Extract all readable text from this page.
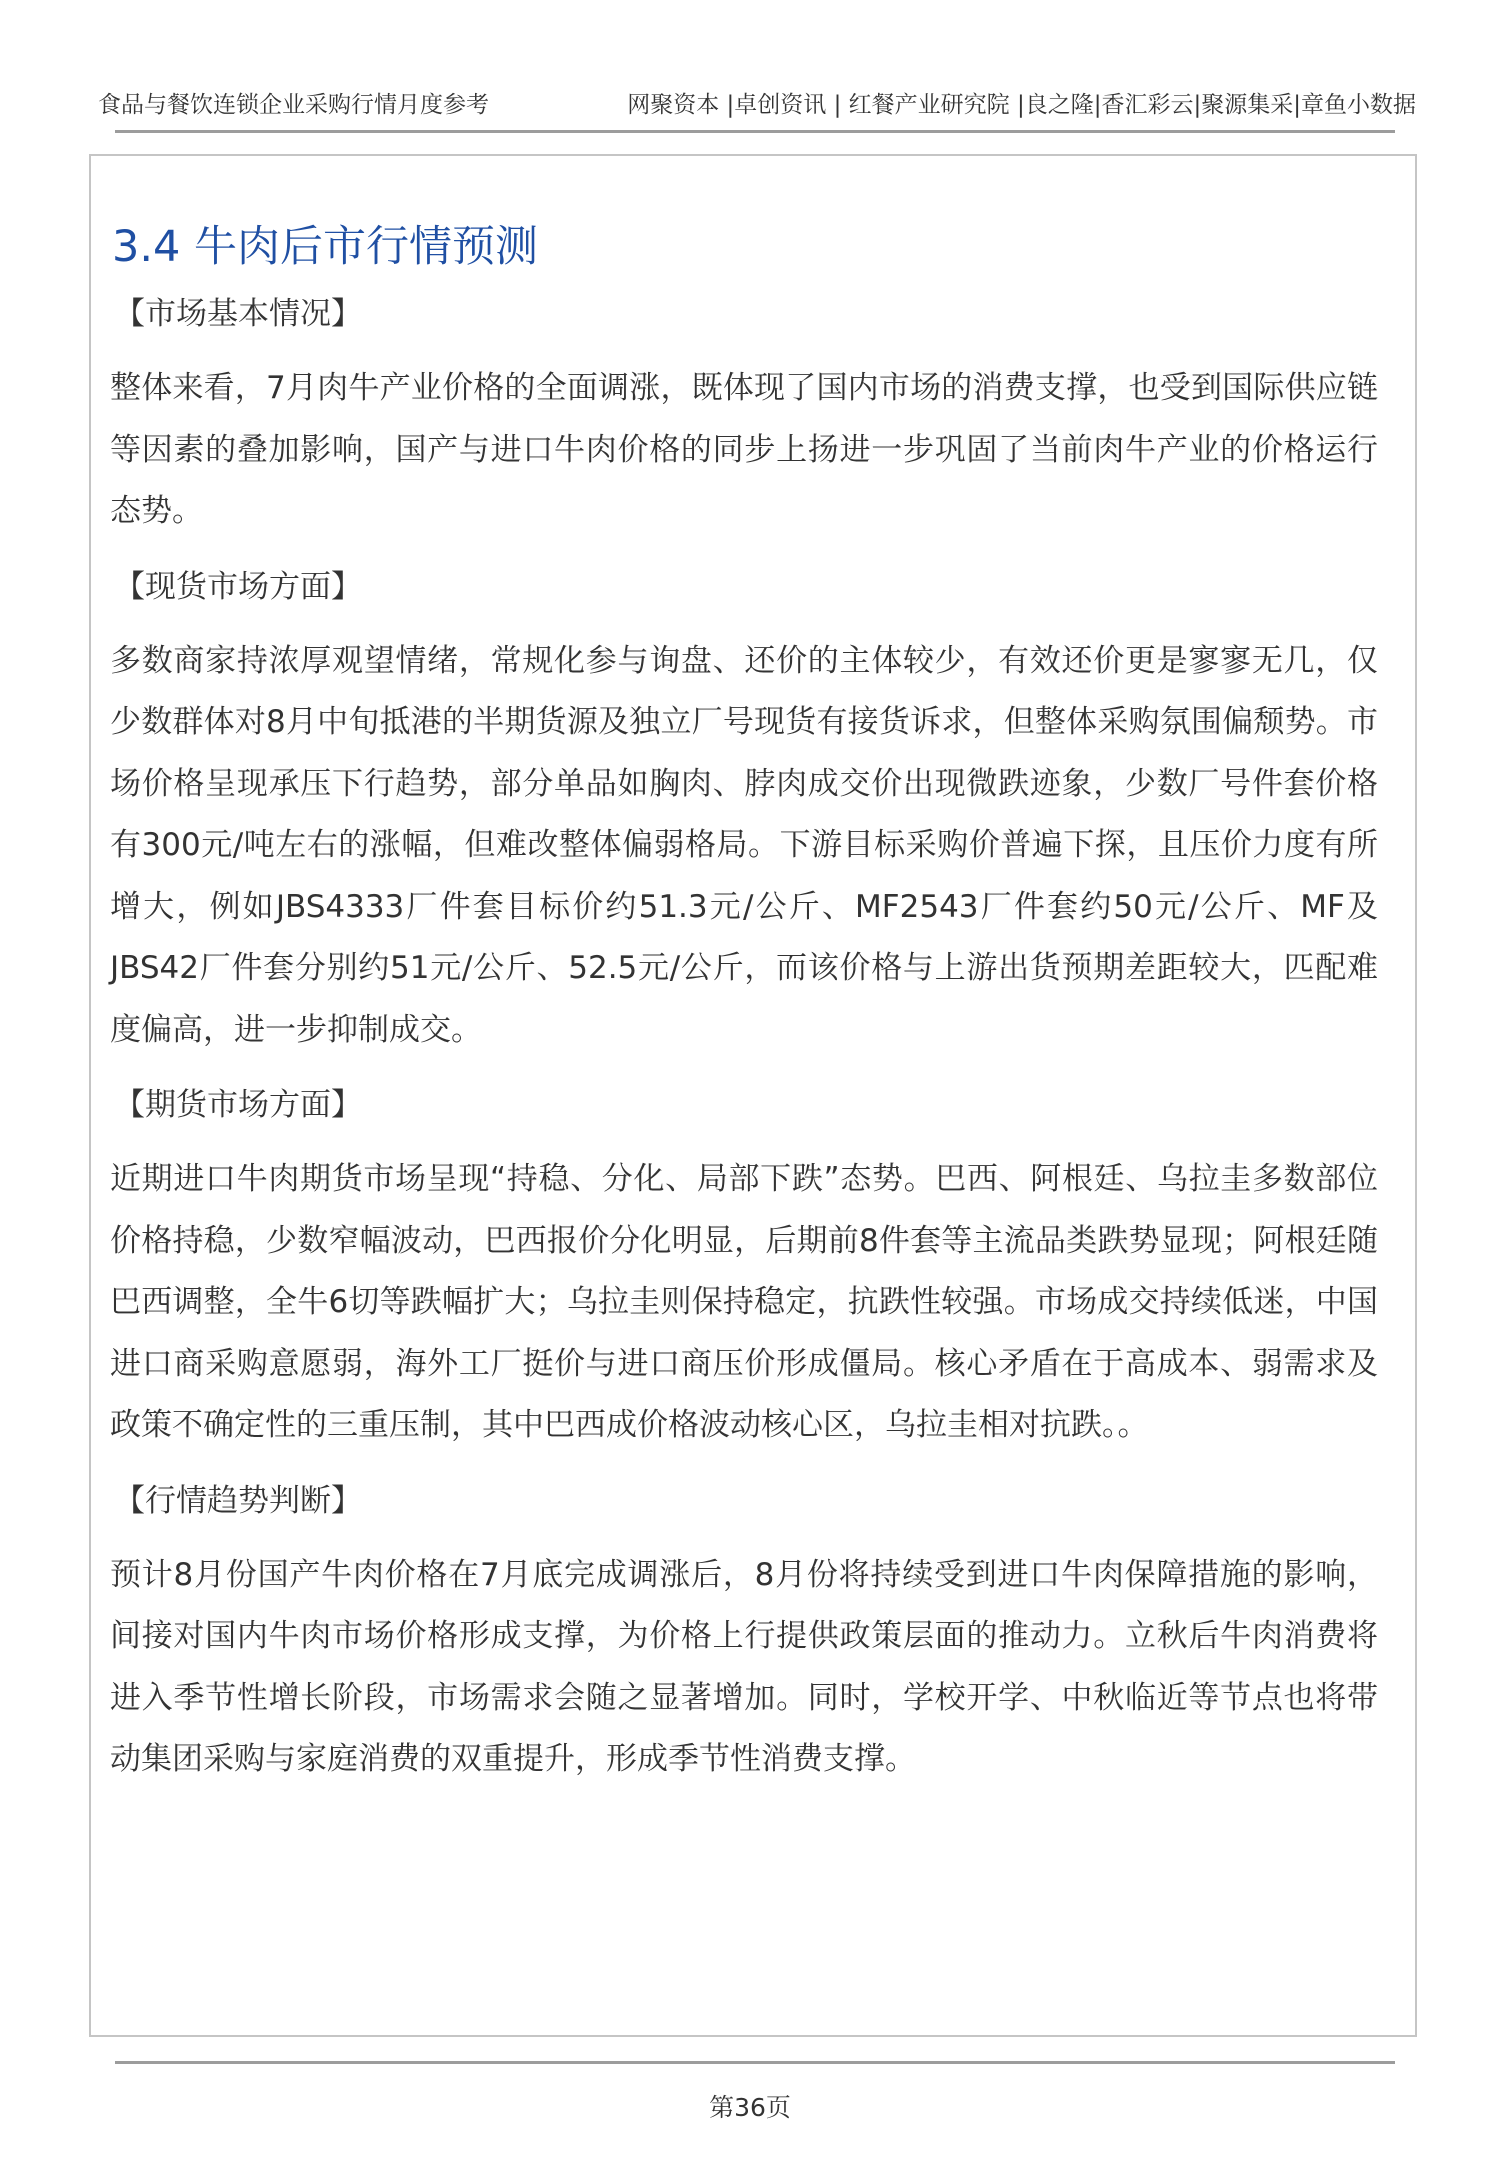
食品与餐饮连锁企业采购行情月度参考	网聚资本 |卓创资讯 | 红餐产业研究院 |良之隆|香汇彩云|聚源集采|章鱼小数据
3.4 牛肉后市行情预测
【市场基本情况】

整体来看，7月肉牛产业价格的全面调涨，既体现了国内市场的消费支撑，也受到国际供应链等因素的叠加影响，国产与进口牛肉价格的同步上扬进一步巩固了当前肉牛产业的价格运行态势。

【现货市场方面】

多数商家持浓厚观望情绪，常规化参与询盘、还价的主体较少，有效还价更是寥寥无几，仅少数群体对8月中旬抵港的半期货源及独立厂号现货有接货诉求，但整体采购氛围偏颓势。市场价格呈现承压下行趋势，部分单品如胸肉、脖肉成交价出现微跌迹象，少数厂号件套价格有300元/吨左右的涨幅，但难改整体偏弱格局。下游目标采购价普遍下探，且压价力度有所增大，例如JBS4333厂件套目标价约51.3元/公斤、MF2543厂件套约50元/公斤、MF及JBS42厂件套分别约51元/公斤、52.5元/公斤，而该价格与上游出货预期差距较大，匹配难度偏高，进一步抑制成交。

【期货市场方面】

近期进口牛肉期货市场呈现“持稳、分化、局部下跌”态势。巴西、阿根廷、乌拉圭多数部位价格持稳，少数窄幅波动，巴西报价分化明显，后期前8件套等主流品类跌势显现；阿根廷随巴西调整，全牛6切等跌幅扩大；乌拉圭则保持稳定，抗跌性较强。市场成交持续低迷，中国进口商采购意愿弱，海外工厂挺价与进口商压价形成僵局。核心矛盾在于高成本、弱需求及政策不确定性的三重压制，其中巴西成价格波动核心区，乌拉圭相对抗跌。。

【行情趋势判断】

预计8月份国产牛肉价格在7月底完成调涨后，8月份将持续受到进口牛肉保障措施的影响，间接对国内牛肉市场价格形成支撑，为价格上行提供政策层面的推动力。立秋后牛肉消费将进入季节性增长阶段，市场需求会随之显著增加。同时，学校开学、中秋临近等节点也将带动集团采购与家庭消费的双重提升，形成季节性消费支撑。

第36页
